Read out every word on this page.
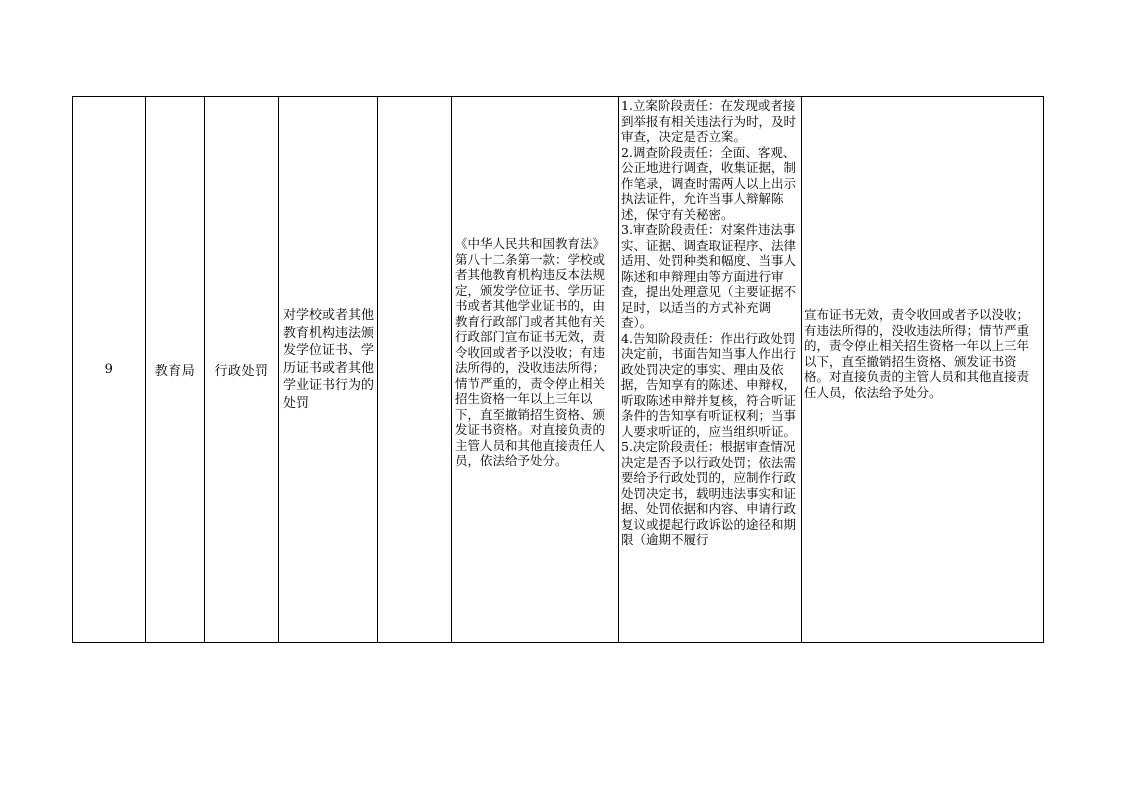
9	教育局 行政处罚
对学校或者其他教育机构违法颁发学位证书、学历证书或者其他学业证书行为的处罚
《中华人民共和国教育法》第八十二条第一款：学校或者其他教育机构违反本法规定，颁发学位证书、学历证书或者其他学业证书的，由教育行政部门或者其他有关行政部门宣布证书无效，责令收回或者予以没收；有违法所得的，没收违法所得；情节严重的，责令停止相关招生资格一年以上三年以下，直至撤销招生资格、颁发证书资格。对直接负责的主管人员和其他直接责任人员，依法给予处分。
1.立案阶段责任：在发现或者接到举报有相关违法行为时，及时审查，决定是否立案。
2.调查阶段责任：全面、客观、公正地进行调查，收集证据，制作笔录，调查时需两人以上出示执法证件，允许当事人辩解陈述，保守有关秘密。
3.审查阶段责任：对案件违法事实、证据、调查取证程序、法律适用、处罚种类和幅度、当事人陈述和申辩理由等方面进行审查，提出处理意见（主要证据不足时，以适当的方式补充调查）。
4.告知阶段责任：作出行政处罚决定前，书面告知当事人作出行政处罚决定的事实、理由及依据，告知享有的陈述、申辩权，听取陈述申辩并复核，符合听证条件的告知享有听证权利；当事人要求听证的，应当组织听证。
5.决定阶段责任：根据审查情况决定是否予以行政处罚；依法需要给予行政处罚的，应制作行政处罚决定书，载明违法事实和证据、处罚依据和内容、申请行政复议或提起行政诉讼的途径和期限（逾期不履行
宣布证书无效，责令收回或者予以没收；有违法所得的，没收违法所得；情节严重的，责令停止相关招生资格一年以上三年以下，直至撤销招生资格、颁发证书资格。对直接负责的主管人员和其他直接责任人员，依法给予处分。
